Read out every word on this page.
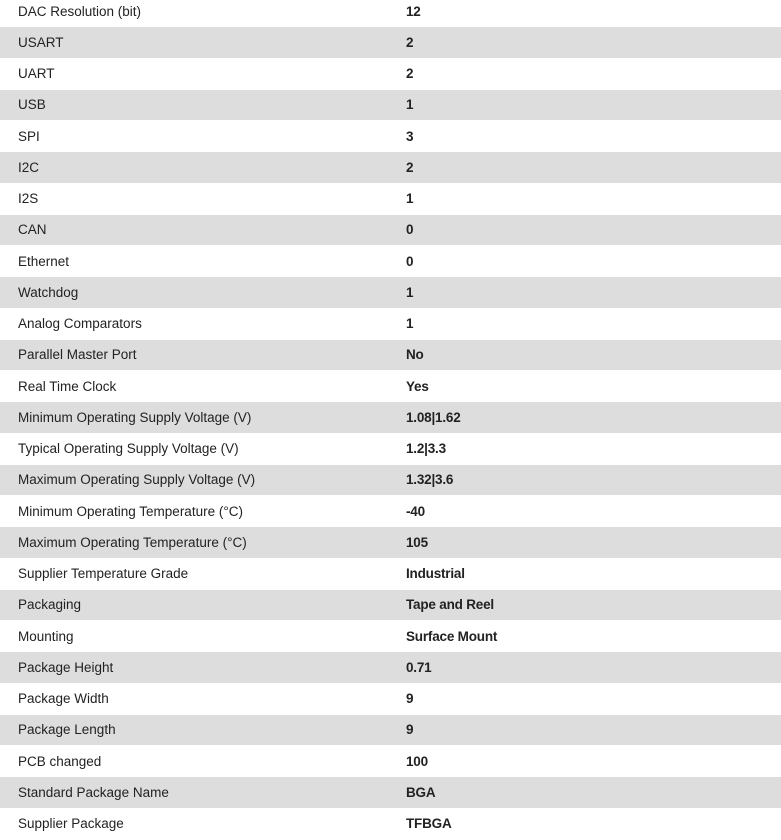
DAC Resolution (bit)	12
USART	2
UART	2
USB	1
SPI	3
I2C	2
I2S	1
CAN	0
Ethernet	0
Watchdog	1
Analog Comparators	1
Parallel Master Port	No
Real Time Clock	Yes
Minimum Operating Supply Voltage (V)	1.08|1.62
Typical Operating Supply Voltage (V)	1.2|3.3
Maximum Operating Supply Voltage (V)	1.32|3.6
Minimum Operating Temperature (°C)	-40
Maximum Operating Temperature (°C)	105
Supplier Temperature Grade	Industrial
Packaging	Tape and Reel
Mounting	Surface Mount
Package Height	0.71
Package Width	9
Package Length	9
PCB changed	100
Standard Package Name	BGA
Supplier Package	TFBGA
